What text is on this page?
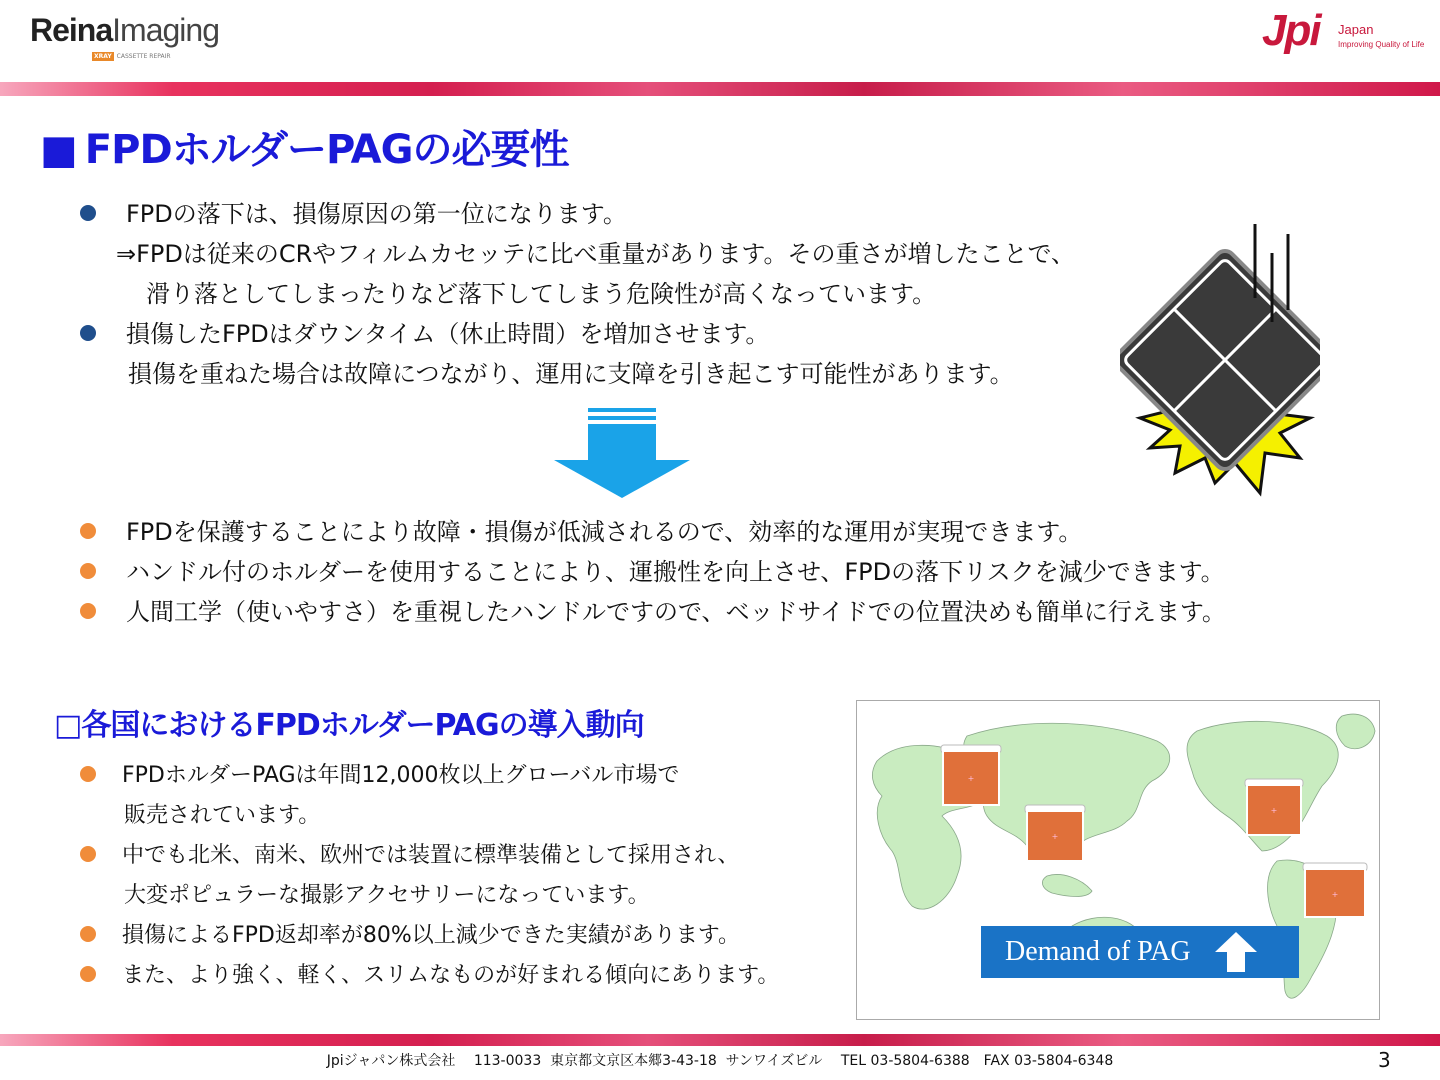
ReinaImaging
XRAY CASSETTE REPAIR
Jpi Japan
Improving Quality of Life
■ FPDホルダーPAGの必要性
FPDの落下は、損傷原因の第一位になります。
⇒FPDは従来のCRやフィルムカセッテに比べ重量があります。その重さが増したことで、
滑り落としてしまったりなど落下してしまう危険性が高くなっています。
損傷したFPDはダウンタイム（休止時間）を増加させます。
損傷を重ねた場合は故障につながり、運用に支障を引き起こす可能性があります。
FPDを保護することにより故障・損傷が低減されるので、効率的な運用が実現できます。
ハンドル付のホルダーを使用することにより、運搬性を向上させ、FPDの落下リスクを減少できます。
人間工学（使いやすさ）を重視したハンドルですので、ベッドサイドでの位置決めも簡単に行えます。
□各国におけるFPDホルダーPAGの導入動向
FPDホルダーPAGは年間12,000枚以上グローバル市場で
販売されています。
中でも北米、南米、欧州では装置に標準装備として採用され、
大変ポピュラーな撮影アクセサリーになっています。
損傷によるFPD返却率が80%以上減少できた実績があります。
また、より強く、軽く、スリムなものが好まれる傾向にあります。
+
+
+
+
Demand of PAG
Jpiジャパン株式会社　 113-0033  東京都文京区本郷3-43-18  サンワイズビル 　TEL 03-5804-6388　FAX 03-5804-6348	3
